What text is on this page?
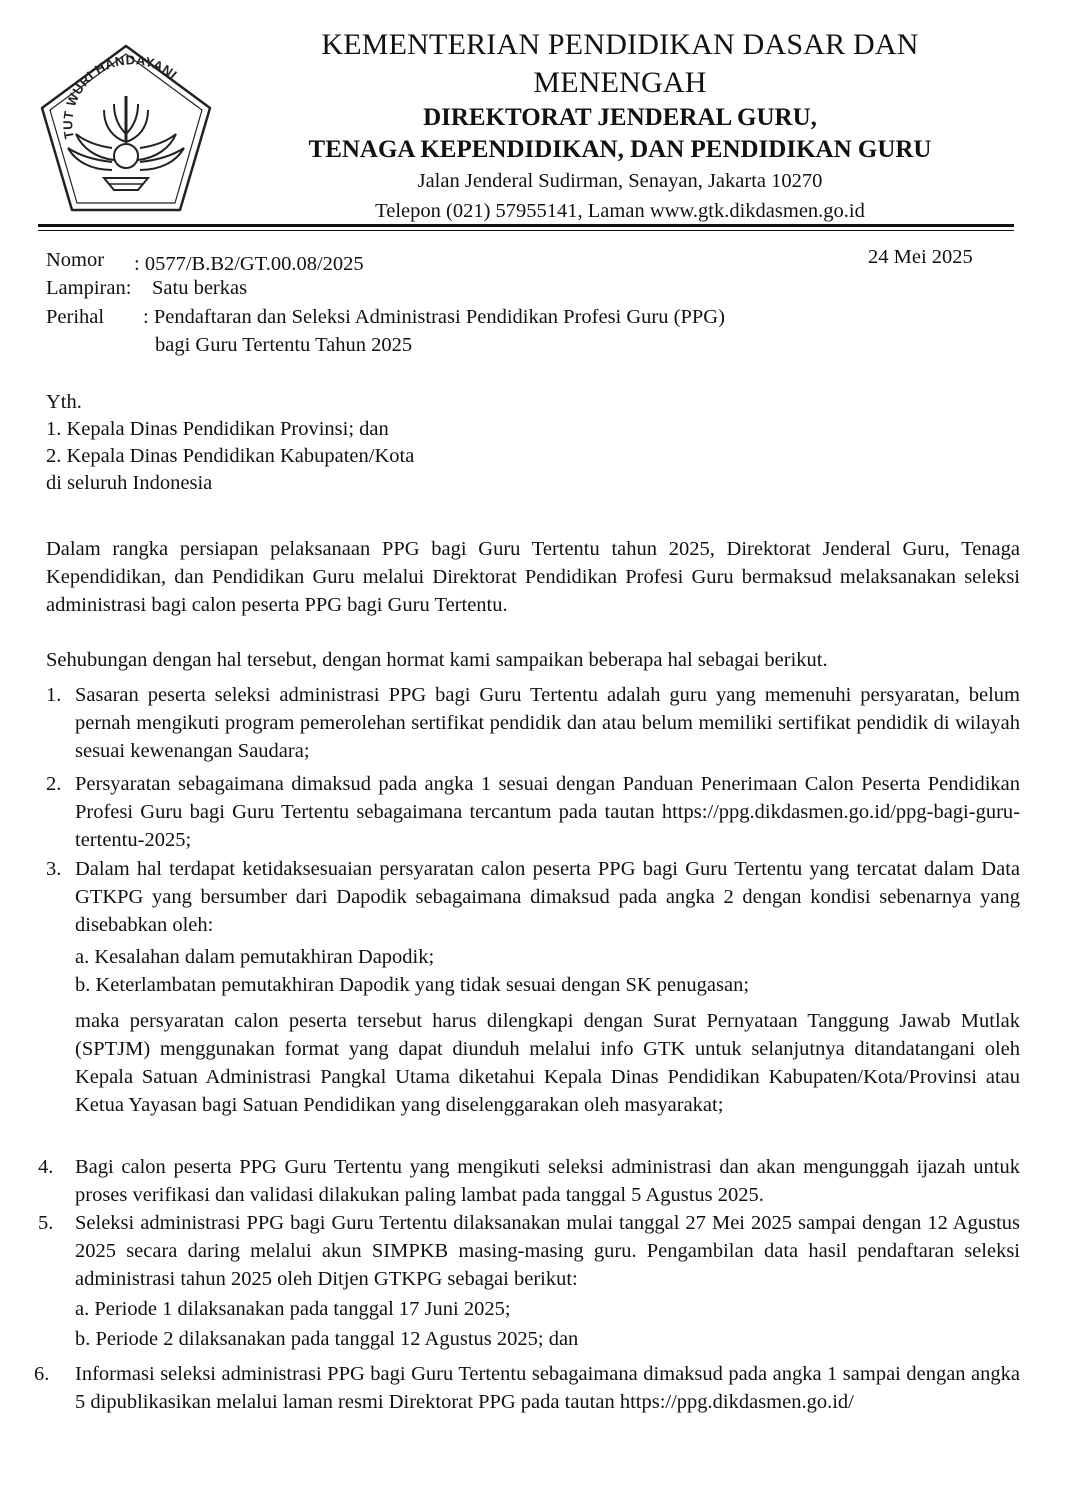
TUT WURI HANDAYANI
KEMENTERIAN PENDIDIKAN DASAR DAN
MENENGAH
DIREKTORAT JENDERAL GURU,
TENAGA KEPENDIDIKAN, DAN PENDIDIKAN GURU
Jalan Jenderal Sudirman, Senayan, Jakarta 10270
Telepon (021) 57955141, Laman www.gtk.dikdasmen.go.id
Nomor : 0577/B.B2/GT.00.08/2025
Lampiran: Satu berkas
Perihal : Pendaftaran dan Seleksi Administrasi Pendidikan Profesi Guru (PPG)
bagi Guru Tertentu Tahun 2025
24 Mei 2025
Yth.
1. Kepala Dinas Pendidikan Provinsi; dan
2. Kepala Dinas Pendidikan Kabupaten/Kota
di seluruh Indonesia
Dalam rangka persiapan pelaksanaan PPG bagi Guru Tertentu tahun 2025, Direktorat Jenderal Guru, Tenaga Kependidikan, dan Pendidikan Guru melalui Direktorat Pendidikan Profesi Guru bermaksud melaksanakan seleksi administrasi bagi calon peserta PPG bagi Guru Tertentu.
Sehubungan dengan hal tersebut, dengan hormat kami sampaikan beberapa hal sebagai berikut.
1. Sasaran peserta seleksi administrasi PPG bagi Guru Tertentu adalah guru yang memenuhi persyaratan, belum pernah mengikuti program pemerolehan sertifikat pendidik dan atau belum memiliki sertifikat pendidik di wilayah sesuai kewenangan Saudara;
2. Persyaratan sebagaimana dimaksud pada angka 1 sesuai dengan Panduan Penerimaan Calon Peserta Pendidikan Profesi Guru bagi Guru Tertentu sebagaimana tercantum pada tautan https://ppg.dikdasmen.go.id/ppg-bagi-guru-tertentu-2025;
3. Dalam hal terdapat ketidaksesuaian persyaratan calon peserta PPG bagi Guru Tertentu yang tercatat dalam Data GTKPG yang bersumber dari Dapodik sebagaimana dimaksud pada angka 2 dengan kondisi sebenarnya yang disebabkan oleh:
a. Kesalahan dalam pemutakhiran Dapodik;
b. Keterlambatan pemutakhiran Dapodik yang tidak sesuai dengan SK penugasan;
maka persyaratan calon peserta tersebut harus dilengkapi dengan Surat Pernyataan Tanggung Jawab Mutlak (SPTJM) menggunakan format yang dapat diunduh melalui info GTK untuk selanjutnya ditandatangani oleh Kepala Satuan Administrasi Pangkal Utama diketahui Kepala Dinas Pendidikan Kabupaten/Kota/Provinsi atau Ketua Yayasan bagi Satuan Pendidikan yang diselenggarakan oleh masyarakat;
4. Bagi calon peserta PPG Guru Tertentu yang mengikuti seleksi administrasi dan akan mengunggah ijazah untuk proses verifikasi dan validasi dilakukan paling lambat pada tanggal 5 Agustus 2025.
5. Seleksi administrasi PPG bagi Guru Tertentu dilaksanakan mulai tanggal 27 Mei 2025 sampai dengan 12 Agustus 2025 secara daring melalui akun SIMPKB masing-masing guru. Pengambilan data hasil pendaftaran seleksi administrasi tahun 2025 oleh Ditjen GTKPG sebagai berikut:
a. Periode 1 dilaksanakan pada tanggal 17 Juni 2025;
b. Periode 2 dilaksanakan pada tanggal 12 Agustus 2025; dan
6. Informasi seleksi administrasi PPG bagi Guru Tertentu sebagaimana dimaksud pada angka 1 sampai dengan angka 5 dipublikasikan melalui laman resmi Direktorat PPG pada tautan https://ppg.dikdasmen.go.id/
